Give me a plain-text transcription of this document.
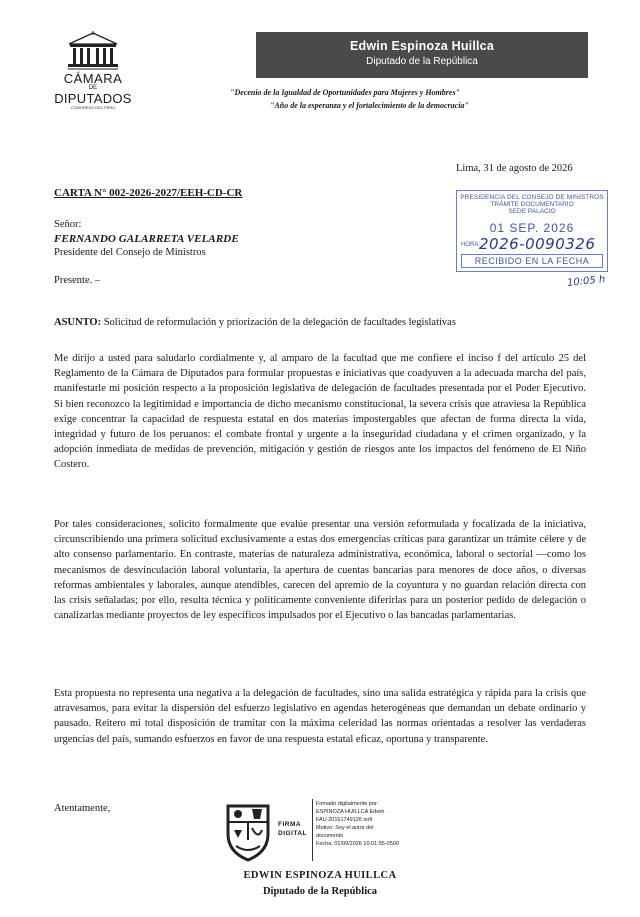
CÁMARA
DE
DIPUTADOS
CONGRESO DEL PERÚ
Edwin Espinoza Huillca
Diputado de la República
"Decenio de la Igualdad de Oportunidades para Mujeres y Hombres"
"Año de la esperanza y el fortalecimiento de la democracia"
Lima, 31 de agosto de 2026
CARTA N° 002-2026-2027/EEH-CD-CR	PRESIDENCIA DEL CONSEJO DE MINISTROS
TRÁMITE DOCUMENTARIO
SEDE PALACIO
01 SEP. 2026
HORA:
2026-0090326
RECIBIDO EN LA FECHA
10:05 h
Señor:
FERNANDO GALARRETA VELARDE
Presidente del Consejo de Ministros
Presente. –
ASUNTO: Solicitud de reformulación y priorización de la delegación de facultades legislativas

Me dirijo a usted para saludarlo cordialmente y, al amparo de la facultad que me confiere el inciso f del artículo 25 del Reglamento de la Cámara de Diputados para formular propuestas e iniciativas que coadyuven a la adecuada marcha del país, manifestarle mi posición respecto a la proposición legislativa de delegación de facultades presentada por el Poder Ejecutivo. Si bien reconozco la legitimidad e importancia de dicho mecanismo constitucional, la severa crisis que atraviesa la República exige concentrar la capacidad de respuesta estatal en dos materias impostergables que afectan de forma directa la vida, integridad y futuro de los peruanos: el combate frontal y urgente a la inseguridad ciudadana y el crimen organizado, y la adopción inmediata de medidas de prevención, mitigación y gestión de riesgos ante los impactos del fenómeno de El Niño Costero.

Por tales consideraciones, solicito formalmente que evalúe presentar una versión reformulada y focalizada de la iniciativa, circunscribiendo una primera solicitud exclusivamente a estas dos emergencias críticas para garantizar un trámite célere y de alto consenso parlamentario. En contraste, materias de naturaleza administrativa, económica, laboral o sectorial —como los mecanismos de desvinculación laboral voluntaria, la apertura de cuentas bancarias para menores de doce años, o diversas reformas ambientales y laborales, aunque atendibles, carecen del apremio de la coyuntura y no guardan relación directa con las crisis señaladas; por ello, resulta técnica y políticamente conveniente diferirlas para un posterior pedido de delegación o canalizarlas mediante proyectos de ley específicos impulsados por el Ejecutivo o las bancadas parlamentarias.

Esta propuesta no representa una negativa a la delegación de facultades, sino una salida estratégica y rápida para la crisis que atravesamos, para evitar la dispersión del esfuerzo legislativo en agendas heterogéneas que demandan un debate ordinario y pausado. Reitero mi total disposición de tramitar con la máxima celeridad las normas orientadas a resolver las verdaderas urgencias del país, sumando esfuerzos en favor de una respuesta estatal eficaz, oportuna y transparente.

Atentamente,
FIRMA
DIGITAL
Firmado digitalmente por:
ESPINOZA HUILLCA Edwin
FAU 20161749126 soft
Motivo: Soy el autor del
documento
Fecha: 01/09/2026 10:01:55-0500
EDWIN ESPINOZA HUILLCA
Diputado de la República
